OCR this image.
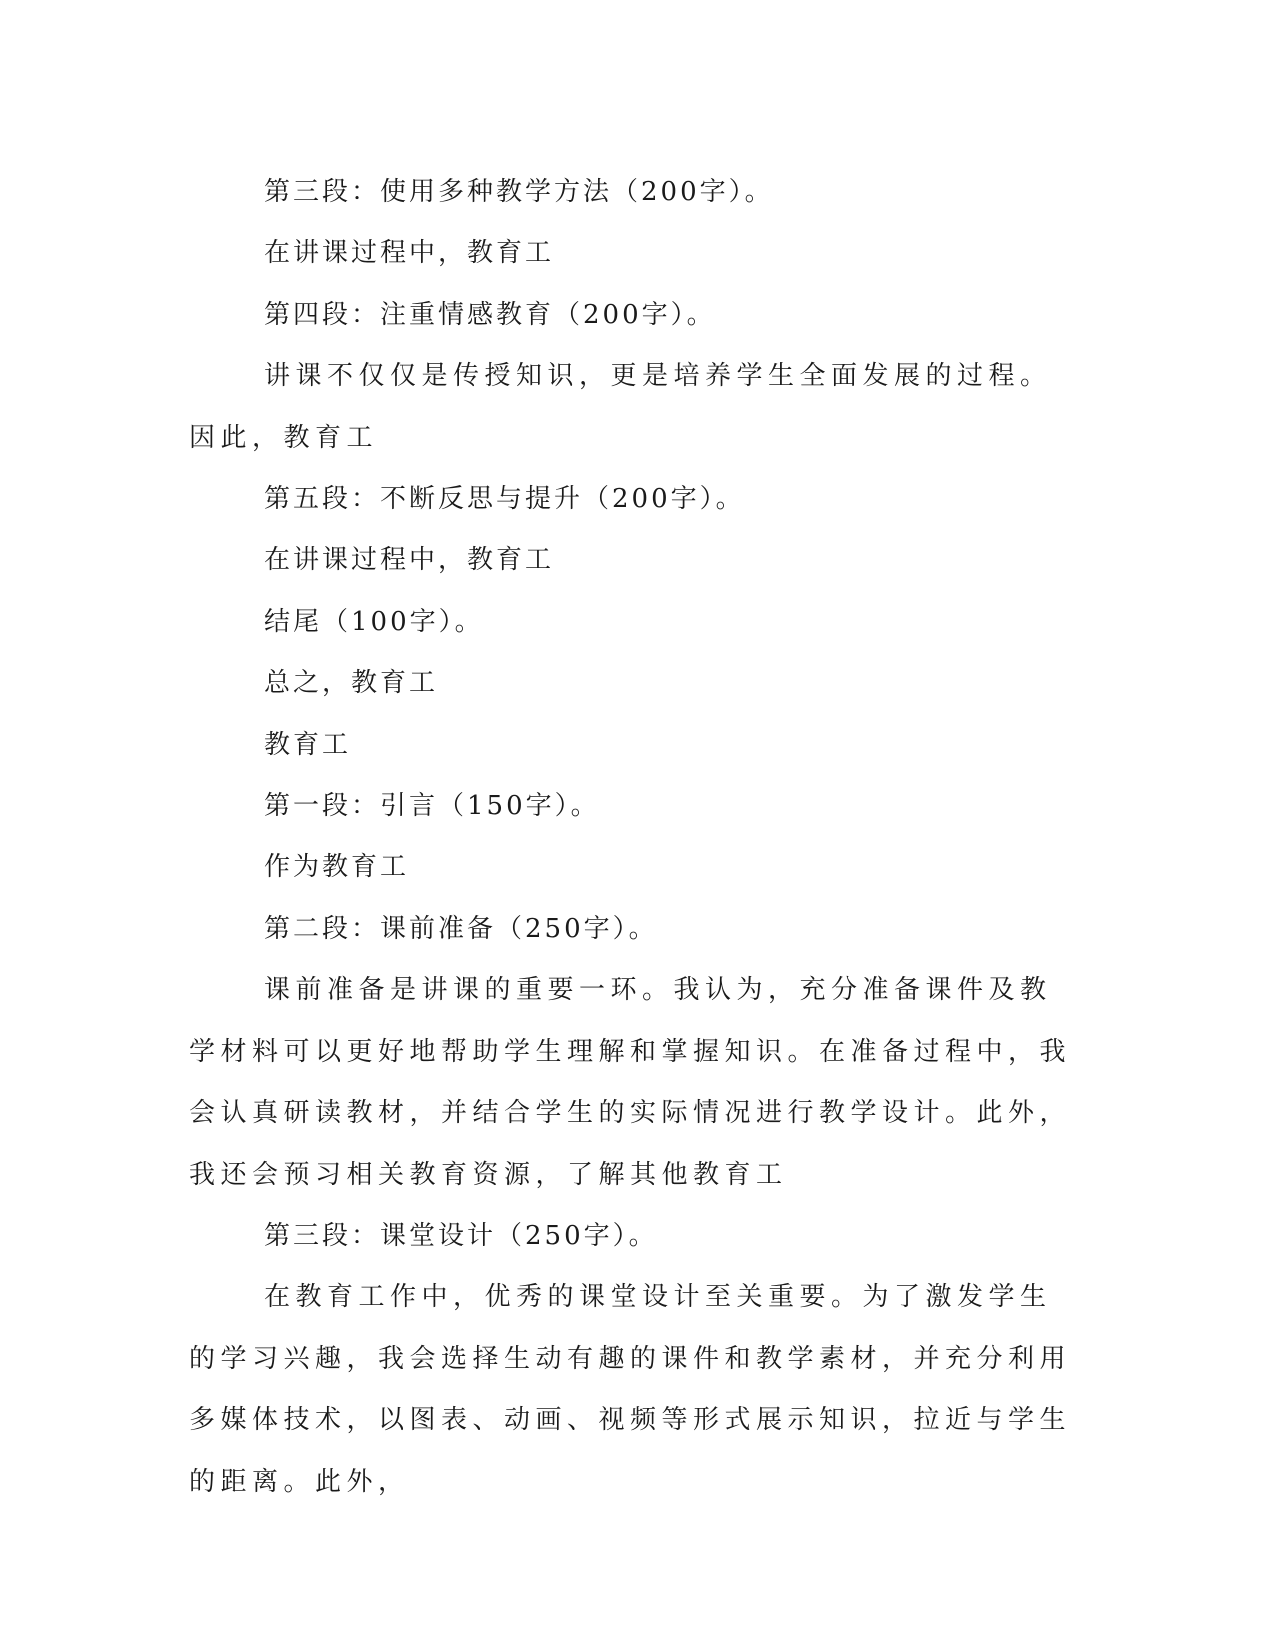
第三段：使用多种教学方法（200字）。

在讲课过程中，教育工

第四段：注重情感教育（200字）。

讲课不仅仅是传授知识，更是培养学生全面发展的过程。因此，教育工

第五段：不断反思与提升（200字）。

在讲课过程中，教育工

结尾（100字）。

总之，教育工

教育工

第一段：引言（150字）。

作为教育工

第二段：课前准备（250字）。

课前准备是讲课的重要一环。我认为，充分准备课件及教学材料可以更好地帮助学生理解和掌握知识。在准备过程中，我会认真研读教材，并结合学生的实际情况进行教学设计。此外，我还会预习相关教育资源，了解其他教育工

第三段：课堂设计（250字）。

在教育工作中，优秀的课堂设计至关重要。为了激发学生的学习兴趣，我会选择生动有趣的课件和教学素材，并充分利用多媒体技术，以图表、动画、视频等形式展示知识，拉近与学生的距离。此外，
